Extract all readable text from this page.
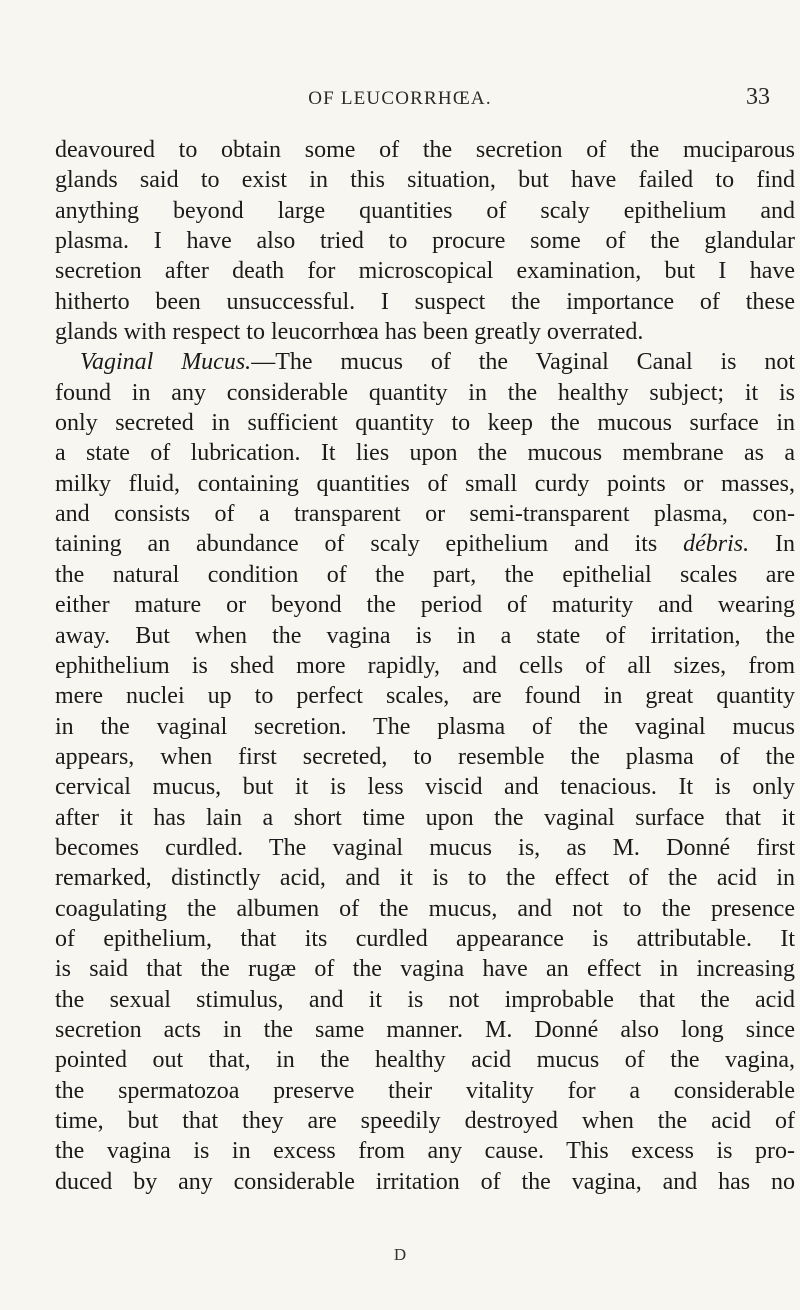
OF LEUCORRHŒA.	33
deavoured to obtain some of the secretion of the muciparous
glands said to exist in this situation, but have failed to find
anything beyond large quantities of scaly epithelium and
plasma. I have also tried to procure some of the glandular
secretion after death for microscopical examination, but I have
hitherto been unsuccessful. I suspect the importance of these
glands with respect to leucorrhœa has been greatly overrated.
Vaginal Mucus.—The mucus of the Vaginal Canal is not
found in any considerable quantity in the healthy subject; it is
only secreted in sufficient quantity to keep the mucous surface in
a state of lubrication. It lies upon the mucous membrane as a
milky fluid, containing quantities of small curdy points or masses,
and consists of a transparent or semi-transparent plasma, con-
taining an abundance of scaly epithelium and its débris. In
the natural condition of the part, the epithelial scales are
either mature or beyond the period of maturity and wearing
away. But when the vagina is in a state of irritation, the
ephithelium is shed more rapidly, and cells of all sizes, from
mere nuclei up to perfect scales, are found in great quantity
in the vaginal secretion. The plasma of the vaginal mucus
appears, when first secreted, to resemble the plasma of the
cervical mucus, but it is less viscid and tenacious. It is only
after it has lain a short time upon the vaginal surface that it
becomes curdled. The vaginal mucus is, as M. Donné first
remarked, distinctly acid, and it is to the effect of the acid in
coagulating the albumen of the mucus, and not to the presence
of epithelium, that its curdled appearance is attributable. It
is said that the rugæ of the vagina have an effect in increasing
the sexual stimulus, and it is not improbable that the acid
secretion acts in the same manner. M. Donné also long since
pointed out that, in the healthy acid mucus of the vagina,
the spermatozoa preserve their vitality for a considerable
time, but that they are speedily destroyed when the acid of
the vagina is in excess from any cause. This excess is pro-
duced by any considerable irritation of the vagina, and has no
D
